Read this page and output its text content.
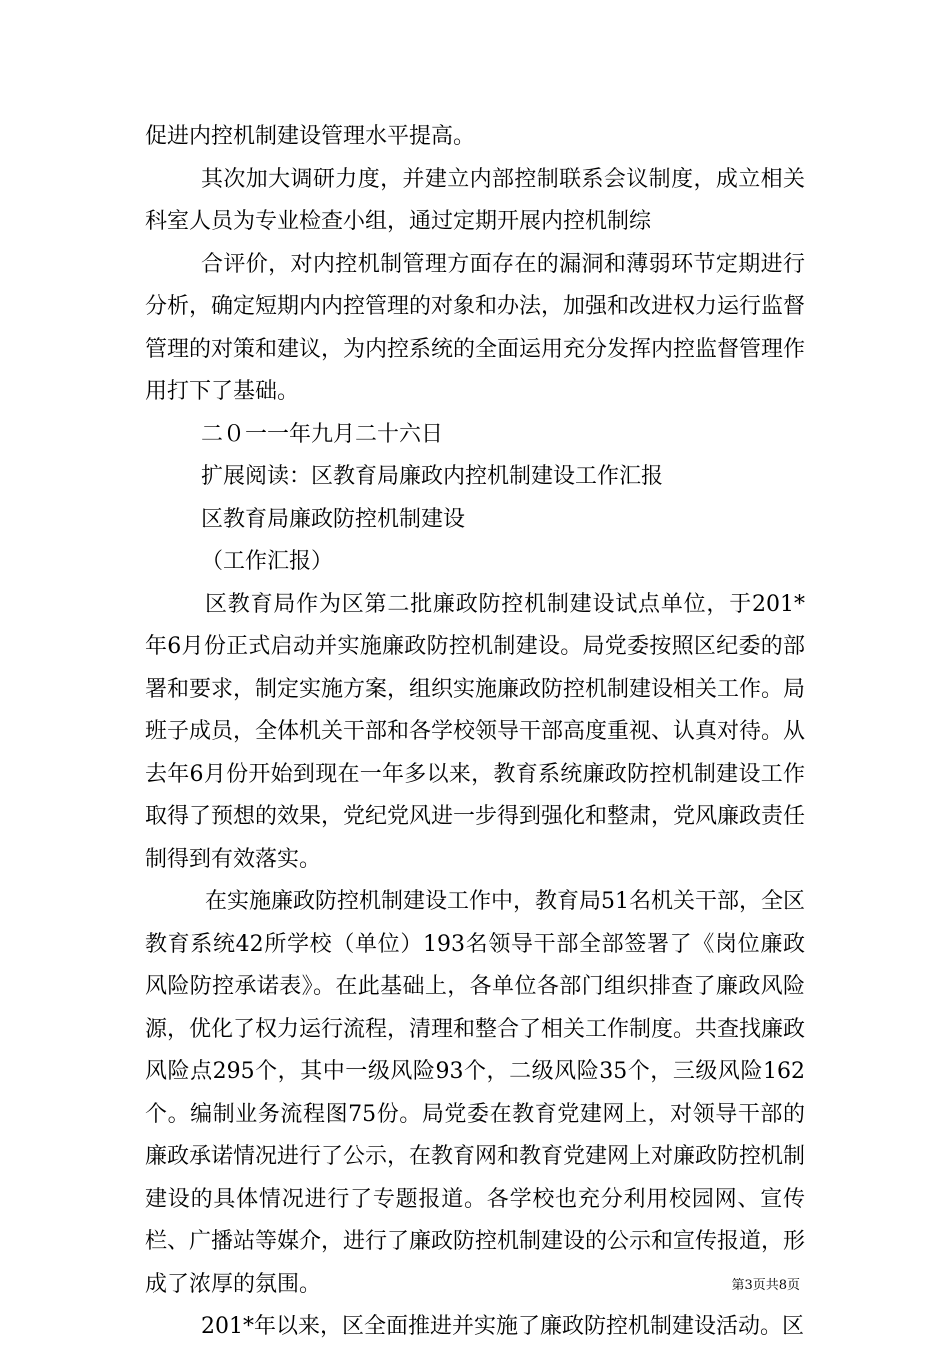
促进内控机制建设管理水平提高。

其次加大调研力度，并建立内部控制联系会议制度，成立相关科室人员为专业检查小组，通过定期开展内控机制综

合评价，对内控机制管理方面存在的漏洞和薄弱环节定期进行分析，确定短期内内控管理的对象和办法，加强和改进权力运行监督管理的对策和建议，为内控系统的全面运用充分发挥内控监督管理作用打下了基础。

二０一一年九月二十六日

扩展阅读：区教育局廉政内控机制建设工作汇报

区教育局廉政防控机制建设

（工作汇报）

区教育局作为区第二批廉政防控机制建设试点单位，于201*年6月份正式启动并实施廉政防控机制建设。局党委按照区纪委的部署和要求，制定实施方案，组织实施廉政防控机制建设相关工作。局班子成员，全体机关干部和各学校领导干部高度重视、认真对待。从去年6月份开始到现在一年多以来，教育系统廉政防控机制建设工作取得了预想的效果，党纪党风进一步得到强化和整肃，党风廉政责任制得到有效落实。

在实施廉政防控机制建设工作中，教育局51名机关干部，全区教育系统42所学校（单位）193名领导干部全部签署了《岗位廉政风险防控承诺表》。在此基础上，各单位各部门组织排查了廉政风险源，优化了权力运行流程，清理和整合了相关工作制度。共查找廉政风险点295个，其中一级风险93个，二级风险35个，三级风险162个。编制业务流程图75份。局党委在教育党建网上，对领导干部的廉政承诺情况进行了公示，在教育网和教育党建网上对廉政防控机制建设的具体情况进行了专题报道。各学校也充分利用校园网、宣传栏、广播站等媒介，进行了廉政防控机制建设的公示和宣传报道，形成了浓厚的氛围。

201*年以来，区全面推进并实施了廉政防控机制建设活动。区

第3页共8页
